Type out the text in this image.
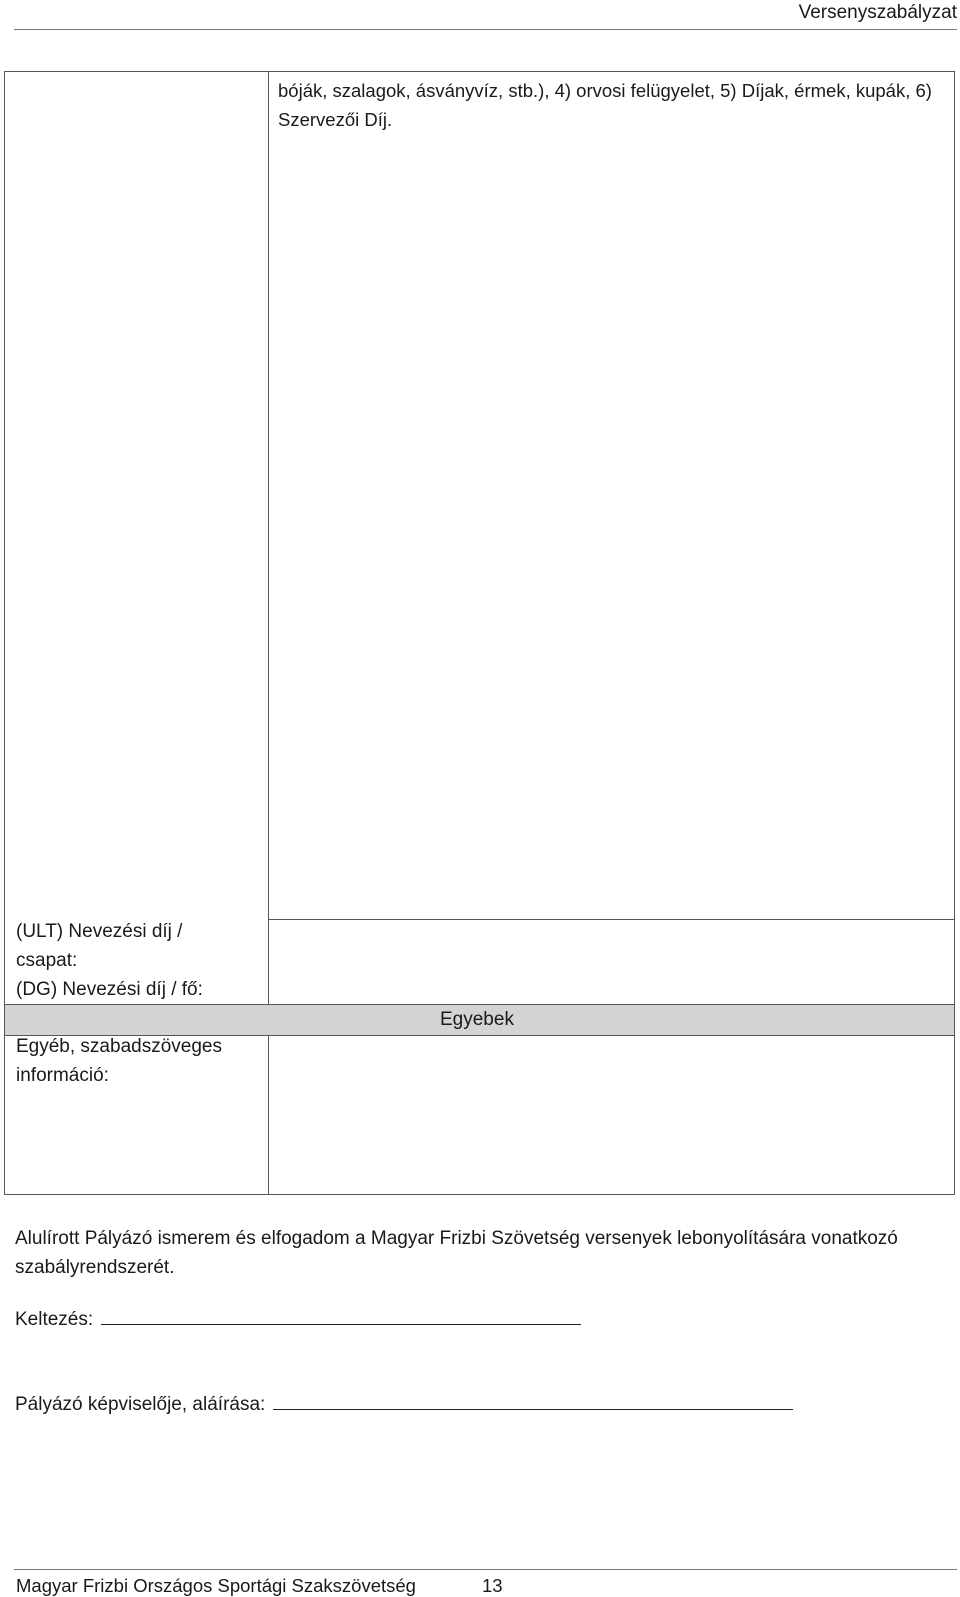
Versenyszabályzat
bóják, szalagok, ásványvíz, stb.), 4) orvosi felügyelet, 5) Díjak, érmek, kupák, 6) Szervezői Díj.
(ULT) Nevezési díj /
csapat:
(DG) Nevezési díj / fő:
Egyebek
Egyéb, szabadszöveges információ:
Alulírott Pályázó ismerem és elfogadom a Magyar Frizbi Szövetség versenyek lebonyolítására vonatkozó szabályrendszerét.
Keltezés:
Pályázó képviselője, aláírása:
Magyar Frizbi Országos Sportági Szakszövetség	13
